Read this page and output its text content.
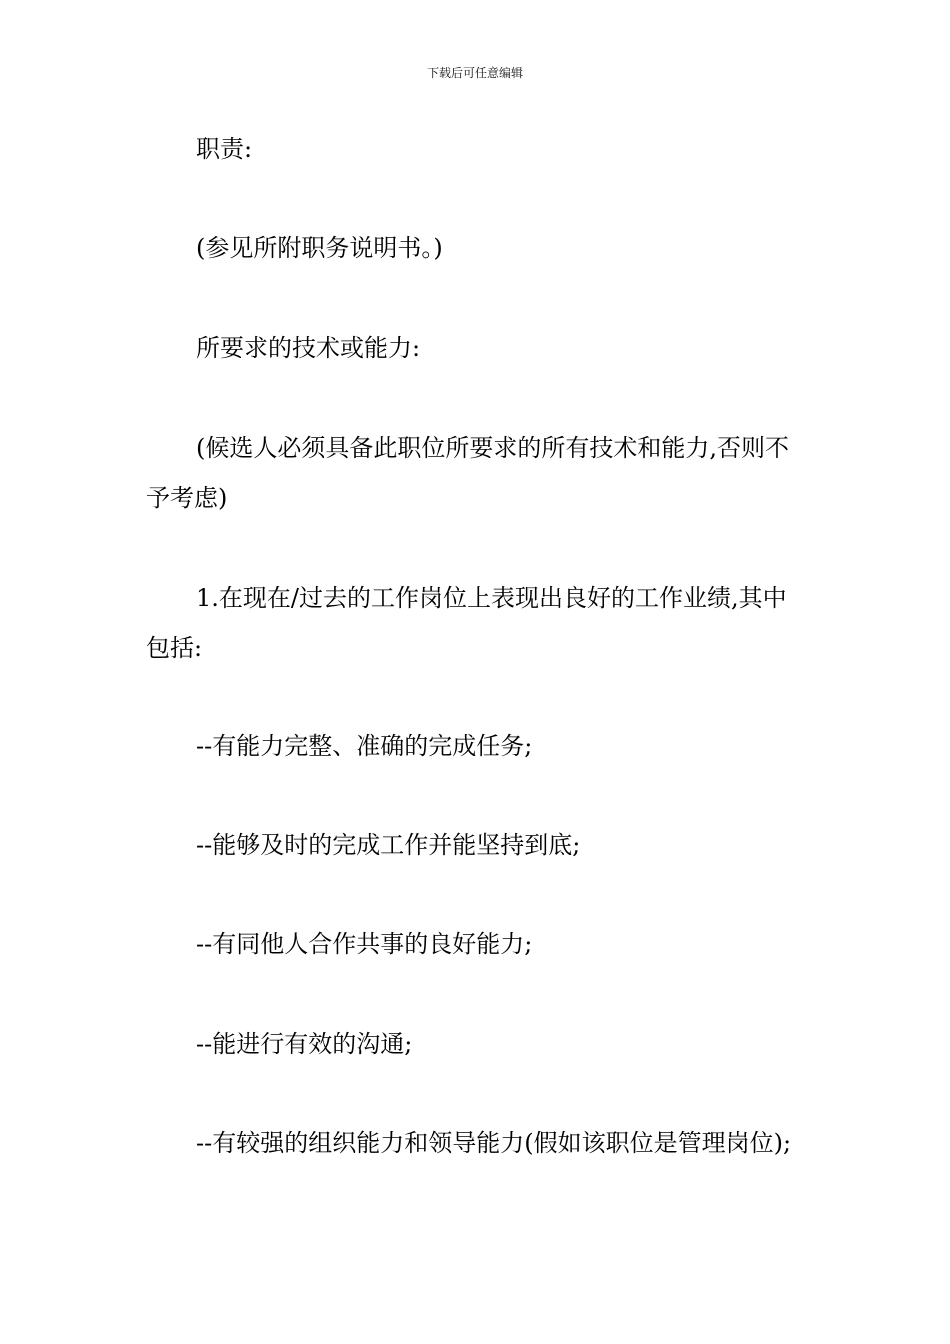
下载后可任意编辑

职责:

(参见所附职务说明书。)

所要求的技术或能力:

(候选人必须具备此职位所要求的所有技术和能力,否则不予考虑)

1.在现在/过去的工作岗位上表现出良好的工作业绩,其中包括:

--有能力完整、准确的完成任务;

--能够及时的完成工作并能坚持到底;

--有同他人合作共事的良好能力;

--能进行有效的沟通;

--有较强的组织能力和领导能力(假如该职位是管理岗位);
